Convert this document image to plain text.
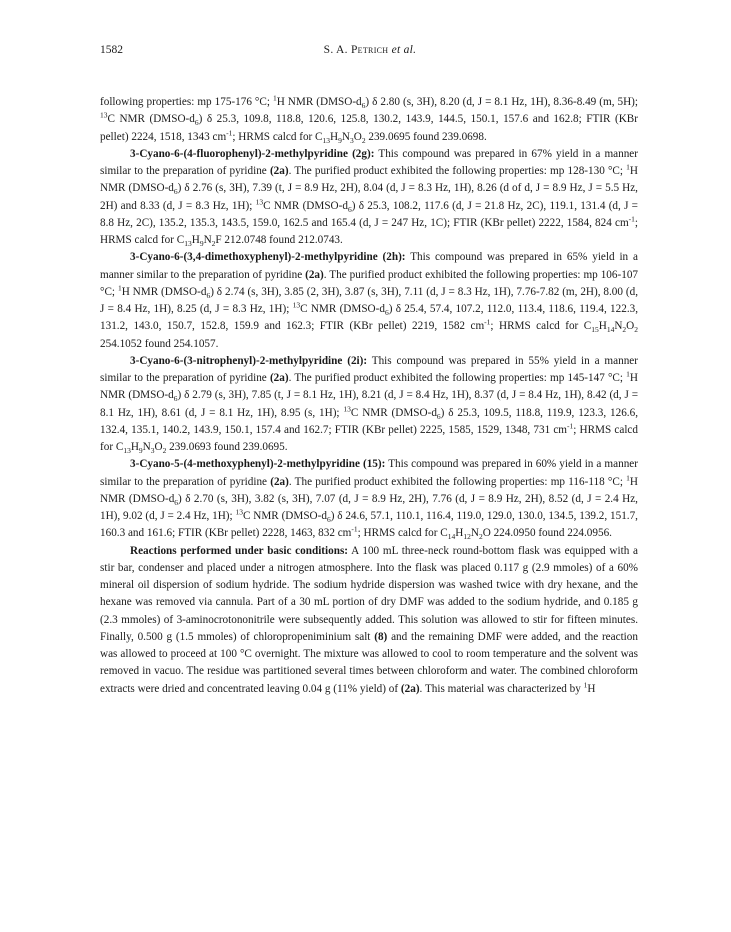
1582	S. A. Petrich et al.

following properties: mp 175-176 °C; $^1$H NMR $(DMSO-d_6)$ δ 2.80 (s, 3H), 8.20 (d, J = 8.1 Hz, 1H), 8.36-8.49 (m, 5H); $^{13}$C NMR $(DMSO-d_6)$ δ 25.3, 109.8, 118.8, 120.6, 125.8, 130.2, 143.9, 144.5, 150.1, 157.6 and 162.8; FTIR (KBr pellet) 2224, 1518, 1343 $cm^{-1}$; HRMS calcd for $C_{13}H_9N_3O_2$ 239.0695 found 239.0698.

3-Cyano-6-(4-fluorophenyl)-2-methylpyridine (2g): This compound was prepared in 67% yield in a manner similar to the preparation of pyridine (2a). The purified product exhibited the following properties: mp 128-130 °C; $^1$H NMR $(DMSO-d_6)$ δ 2.76 (s, 3H), 7.39 (t, J = 8.9 Hz, 2H), 8.04 (d, J = 8.3 Hz, 1H), 8.26 (d of d, J = 8.9 Hz, J = 5.5 Hz, 2H) and 8.33 (d, J = 8.3 Hz, 1H); $^{13}$C NMR $(DMSO-d_6)$ δ 25.3, 108.2, 117.6 (d, J = 21.8 Hz, 2C), 119.1, 131.4 (d, J = 8.8 Hz, 2C), 135.2, 135.3, 143.5, 159.0, 162.5 and 165.4 (d, J = 247 Hz, 1C); FTIR (KBr pellet) 2222, 1584, 824 $cm^{-1}$; HRMS calcd for $C_{13}H_9N_2F$ 212.0748 found 212.0743.

3-Cyano-6-(3,4-dimethoxyphenyl)-2-methylpyridine (2h): This compound was prepared in 65% yield in a manner similar to the preparation of pyridine (2a). The purified product exhibited the following properties: mp 106-107 °C; $^1$H NMR $(DMSO-d_6)$ δ 2.74 (s, 3H), 3.85 (2, 3H), 3.87 (s, 3H), 7.11 (d, J = 8.3 Hz, 1H), 7.76-7.82 (m, 2H), 8.00 (d, J = 8.4 Hz, 1H), 8.25 (d, J = 8.3 Hz, 1H); $^{13}$C NMR $(DMSO-d_6)$ δ 25.4, 57.4, 107.2, 112.0, 113.4, 118.6, 119.4, 122.3, 131.2, 143.0, 150.7, 152.8, 159.9 and 162.3; FTIR (KBr pellet) 2219, 1582 $cm^{-1}$; HRMS calcd for $C_{15}H_{14}N_2O_2$ 254.1052 found 254.1057.

3-Cyano-6-(3-nitrophenyl)-2-methylpyridine (2i): This compound was prepared in 55% yield in a manner similar to the preparation of pyridine (2a). The purified product exhibited the following properties: mp 145-147 °C; $^1$H NMR $(DMSO-d_6)$ δ 2.79 (s, 3H), 7.85 (t, J = 8.1 Hz, 1H), 8.21 (d, J = 8.4 Hz, 1H), 8.37 (d, J = 8.4 Hz, 1H), 8.42 (d, J = 8.1 Hz, 1H), 8.61 (d, J = 8.1 Hz, 1H), 8.95 (s, 1H); $^{13}$C NMR $(DMSO-d_6)$ δ 25.3, 109.5, 118.8, 119.9, 123.3, 126.6, 132.4, 135.1, 140.2, 143.9, 150.1, 157.4 and 162.7; FTIR (KBr pellet) 2225, 1585, 1529, 1348, 731 $cm^{-1}$; HRMS calcd for $C_{13}H_9N_3O_2$ 239.0693 found 239.0695.

3-Cyano-5-(4-methoxyphenyl)-2-methylpyridine (15): This compound was prepared in 60% yield in a manner similar to the preparation of pyridine (2a). The purified product exhibited the following properties: mp 116-118 °C; $^1$H NMR $(DMSO-d_6)$ δ 2.70 (s, 3H), 3.82 (s, 3H), 7.07 (d, J = 8.9 Hz, 2H), 7.76 (d, J = 8.9 Hz, 2H), 8.52 (d, J = 2.4 Hz, 1H), 9.02 (d, J = 2.4 Hz, 1H); $^{13}$C NMR $(DMSO-d_6)$ δ 24.6, 57.1, 110.1, 116.4, 119.0, 129.0, 130.0, 134.5, 139.2, 151.7, 160.3 and 161.6; FTIR (KBr pellet) 2228, 1463, 832 $cm^{-1}$; HRMS calcd for $C_{14}H_{12}N_2O$ 224.0950 found 224.0956.

Reactions performed under basic conditions: A 100 mL three-neck round-bottom flask was equipped with a stir bar, condenser and placed under a nitrogen atmosphere. Into the flask was placed 0.117 g (2.9 mmoles) of a 60% mineral oil dispersion of sodium hydride. The sodium hydride dispersion was washed twice with dry hexane, and the hexane was removed via cannula. Part of a 30 mL portion of dry DMF was added to the sodium hydride, and 0.185 g (2.3 mmoles) of 3-aminocrotononitrile were subsequently added. This solution was allowed to stir for fifteen minutes. Finally, 0.500 g (1.5 mmoles) of chloropropeniminium salt (8) and the remaining DMF were added, and the reaction was allowed to proceed at 100 °C overnight. The mixture was allowed to cool to room temperature and the solvent was removed in vacuo. The residue was partitioned several times between chloroform and water. The combined chloroform extracts were dried and concentrated leaving 0.04 g (11% yield) of (2a). This material was characterized by $^1$H
